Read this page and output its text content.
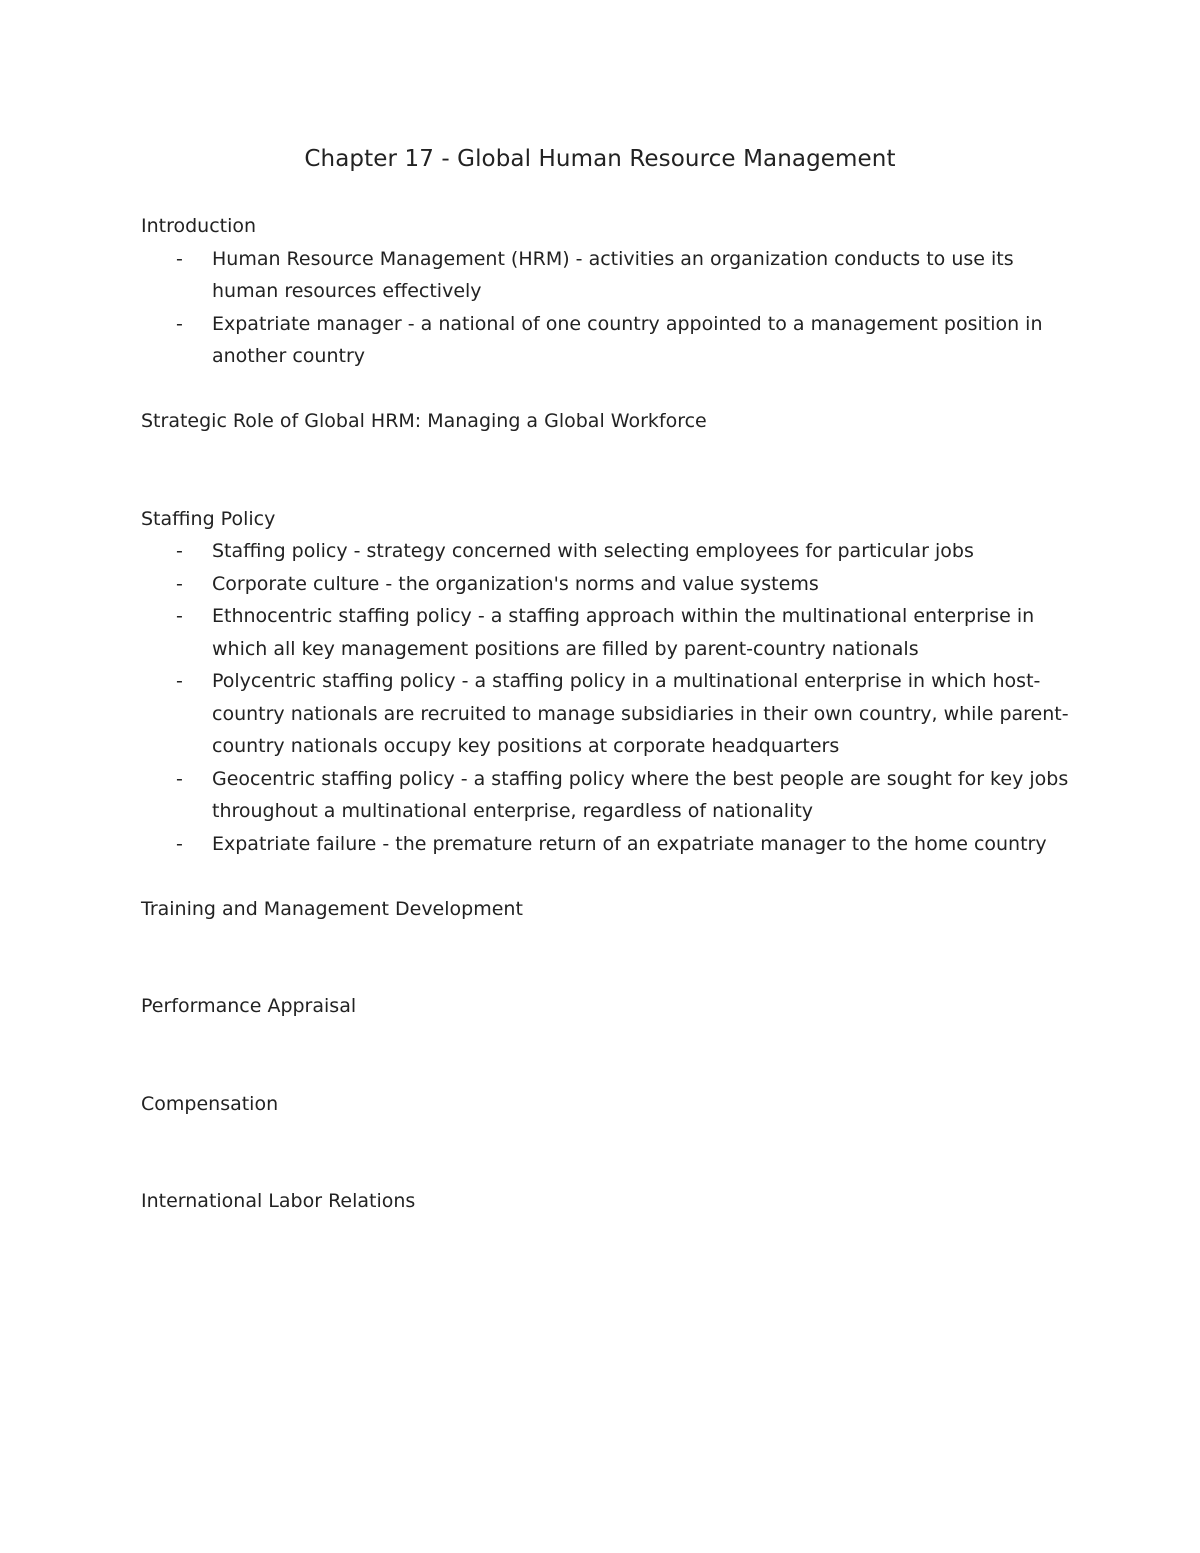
Chapter 17 - Global Human Resource Management

Introduction

- Human Resource Management (HRM) - activities an organization conducts to use its human resources effectively
- Expatriate manager - a national of one country appointed to a management position in another country

Strategic Role of Global HRM: Managing a Global Workforce

Staffing Policy

- Staffing policy - strategy concerned with selecting employees for particular jobs
- Corporate culture - the organization's norms and value systems
- Ethnocentric staffing policy - a staffing approach within the multinational enterprise in which all key management positions are filled by parent-country nationals
- Polycentric staffing policy - a staffing policy in a multinational enterprise in which host-country nationals are recruited to manage subsidiaries in their own country, while parent-country nationals occupy key positions at corporate headquarters
- Geocentric staffing policy - a staffing policy where the best people are sought for key jobs throughout a multinational enterprise, regardless of nationality
- Expatriate failure - the premature return of an expatriate manager to the home country

Training and Management Development

Performance Appraisal

Compensation

International Labor Relations
